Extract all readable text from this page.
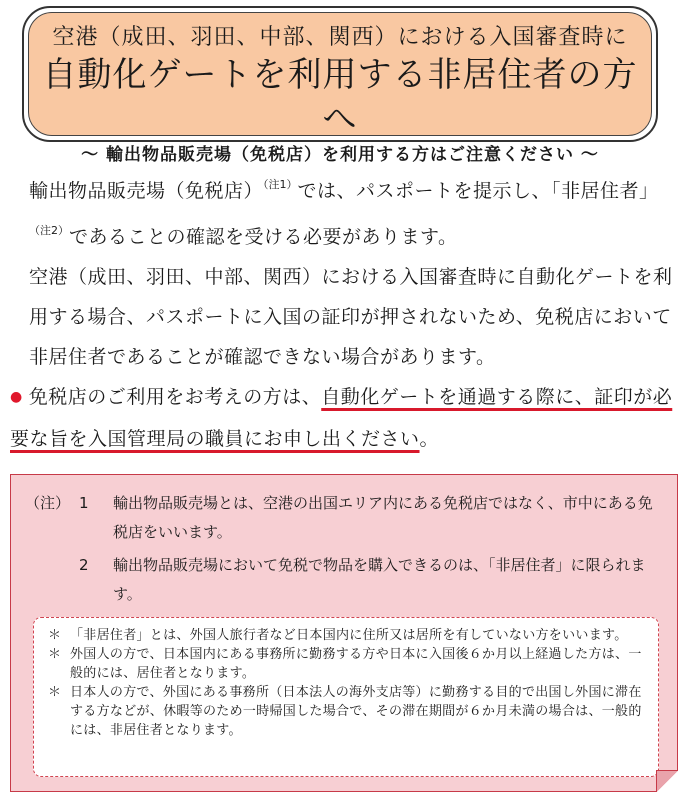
空港（成田、羽田、中部、関西）における入国審査時に
自動化ゲートを利用する非居住者の方へ
～ 輸出物品販売場（免税店）を利用する方はご注意ください ～

輸出物品販売場（免税店）$^{(注1)}$では、パスポートを提示し、「非居住者」$^{(注2)}$であることの確認を受ける必要があります。

空港（成田、羽田、中部、関西）における入国審査時に自動化ゲートを利用する場合、パスポートに入国の証印が押されないため、免税店において非居住者であることが確認できない場合があります。

● 免税店のご利用をお考えの方は、自動化ゲートを通過する際に、証印が必要な旨を入国管理局の職員にお申し出ください。

（注） 1	輸出物品販売場とは、空港の出国エリア内にある免税店ではなく、市中にある免税店をいいます。
2	輸出物品販売場において免税で物品を購入できるのは、「非居住者」に限られます。
＊ 「非居住者」とは、外国人旅行者など日本国内に住所又は居所を有していない方をいいます。
＊ 外国人の方で、日本国内にある事務所に勤務する方や日本に入国後６か月以上経過した方は、一般的には、居住者となります。
＊ 日本人の方で、外国にある事務所（日本法人の海外支店等）に勤務する目的で出国し外国に滞在する方などが、休暇等のため一時帰国した場合で、その滞在期間が６か月未満の場合は、一般的には、非居住者となります。
